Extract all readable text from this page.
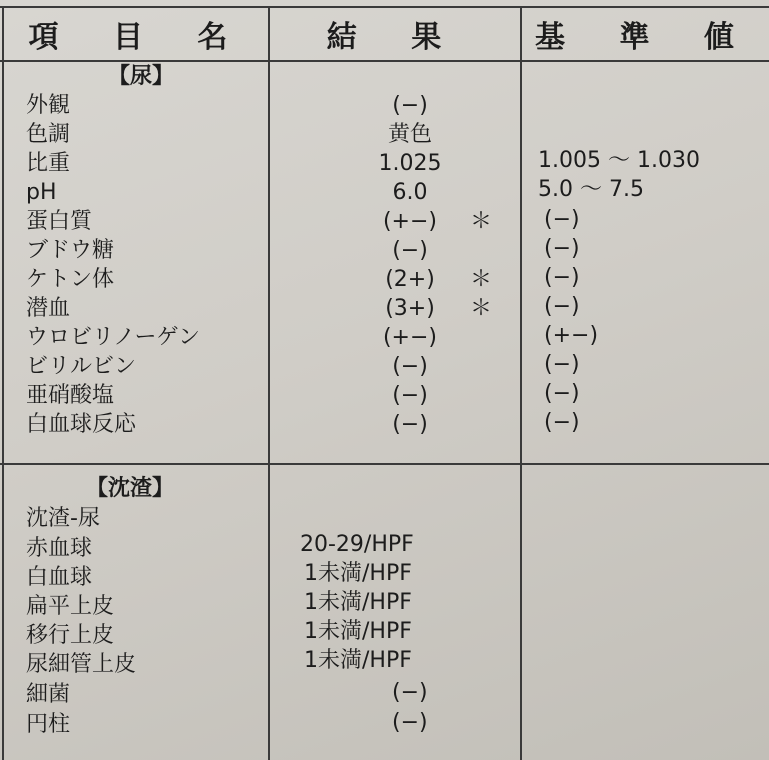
項 目 名	結 果	基 準 値
【尿】
外観
色調
比重
pH
蛋白質
ブドウ糖
ケトン体
潜血
ウロビリノーゲン
ビリルビン
亜硝酸塩
白血球反応
(−)
黄色
1.025
6.0
(+−)
(−)
(2+)
(3+)
(+−)
(−)
(−)
(−)
＊
＊
＊
1.005 ～ 1.030
5.0 ～ 7.5
(−)
(−)
(−)
(−)
(+−)
(−)
(−)
(−)
【沈渣】
沈渣-尿
赤血球
白血球
扁平上皮
移行上皮
尿細管上皮
細菌
円柱
20-29/HPF
1未満/HPF
1未満/HPF
1未満/HPF
1未満/HPF
(−)
(−)
